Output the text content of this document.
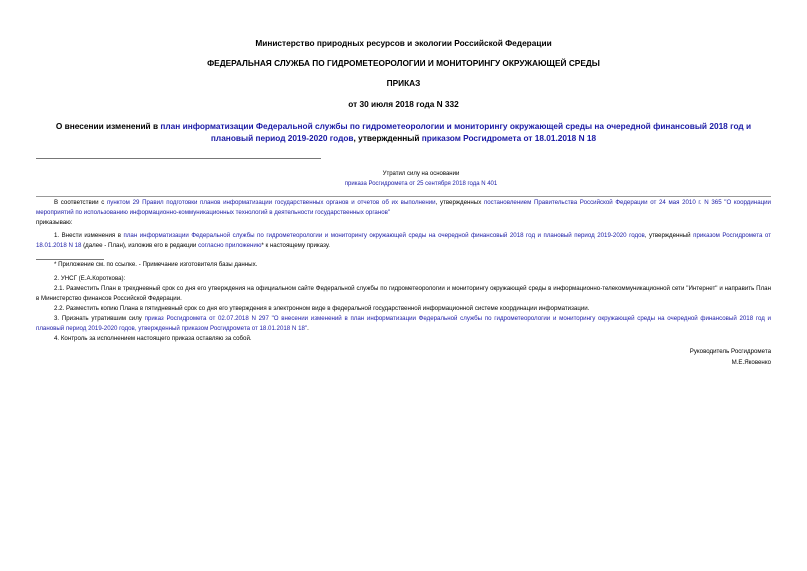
Министерство природных ресурсов и экологии Российской Федерации
ФЕДЕРАЛЬНАЯ СЛУЖБА ПО ГИДРОМЕТЕОРОЛОГИИ И МОНИТОРИНГУ ОКРУЖАЮЩЕЙ СРЕДЫ
ПРИКАЗ
от 30 июля 2018 года N 332
О внесении изменений в план информатизации Федеральной службы по гидрометеорологии и мониторингу окружающей среды на очередной финансовый 2018 год и плановый период 2019-2020 годов, утвержденный приказом Росгидромета от 18.01.2018 N 18
Утратил силу на основании
приказа Росгидромета от 25 сентября 2018 года N 401
В соответствии с пунктом 29 Правил подготовки планов информатизации государственных органов и отчетов об их выполнении, утвержденных постановлением Правительства Российской Федерации от 24 мая 2010 г. N 365 "О координации мероприятий по использованию информационно-коммуникационных технологий в деятельности государственных органов"
приказываю:
1. Внести изменения в план информатизации Федеральной службы по гидрометеорологии и мониторингу окружающей среды на очередной финансовый 2018 год и плановый период 2019-2020 годов, утвержденный приказом Росгидромета от 18.01.2018 N 18 (далее - План), изложив его в редакции согласно приложению* к настоящему приказу.
* Приложение см. по ссылке. - Примечание изготовителя базы данных.
2. УНСГ (Е.А.Короткова):
2.1. Разместить План в трехдневный срок со дня его утверждения на официальном сайте Федеральной службы по гидрометеорологии и мониторингу окружающей среды в информационно-телекоммуникационной сети "Интернет" и направить План в Министерство финансов Российской Федерации.
2.2. Разместить копию Плана в пятидневный срок со дня его утверждения в электронном виде в федеральной государственной информационной системе координации информатизации.
3. Признать утратившим силу приказ Росгидромета от 02.07.2018 N 297 "О внесении изменений в план информатизации Федеральной службы по гидрометеорологии и мониторингу окружающей среды на очередной финансовый 2018 год и плановый период 2019-2020 годов, утвержденный приказом Росгидромета от 18.01.2018 N 18".
4. Контроль за исполнением настоящего приказа оставляю за собой.
Руководитель Росгидромета
М.Е.Яковенко
